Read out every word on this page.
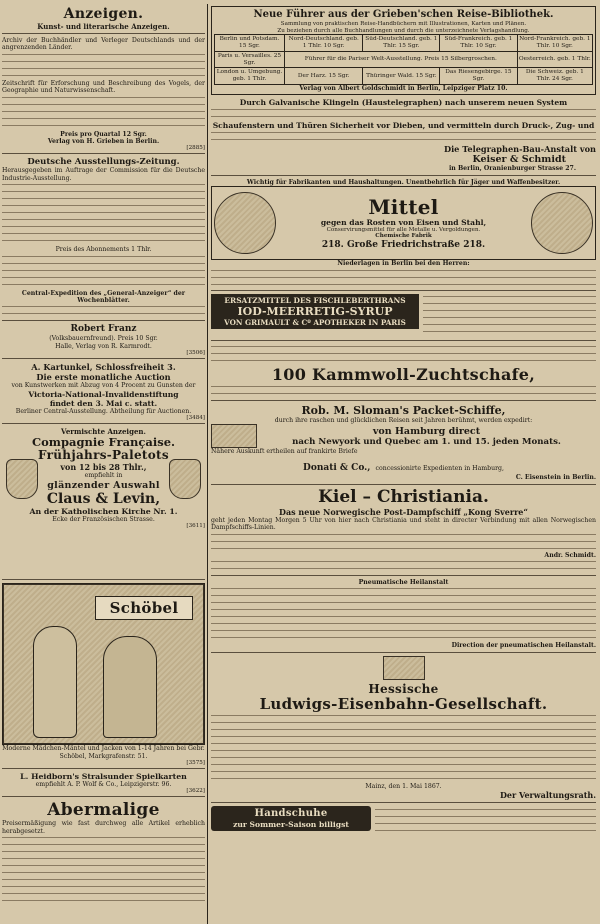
Anzeigen.
Kunst- und literarische Anzeigen.

Archiv der Buchhändler und Verleger Deutschlands und der angrenzenden Länder.

Zeitschrift für Erforschung und Beschreibung des Vogels, der Geographie und Naturwissenschaft.

Preis pro Quartal 12 Sgr.

Verlag von H. Grieben in Berlin.

[2885]
Deutsche Ausstellungs-Zeitung.

Herausgegeben im Auftrage der Commission für die Deutsche Industrie-Ausstellung.

Preis des Abonnements 1 Thlr.

Central-Expedition des „General-Anzeiger“ der Wochenblätter.

Robert Franz

(Volksbauernfreund). Preis 10 Sgr.

Halle, Verlag von R. Karmrodt.

[3506]
A. Kartunkel, Schlossfreiheit 3.
Die erste monatliche Auction

von Kunstwerken mit Abzug von 4 Procent zu Gunsten der

Victoria-National-Invalidenstiftung
findet den 3. Mai c. statt.

Berliner Central-Ausstellung. Abtheilung für Auctionen.

[3484]
Vermischte Anzeigen.
Compagnie Française.
Frühjahrs-Paletots
von 12 bis 28 Thlr.,
empfiehlt in
glänzender Auswahl
Claus & Levin,
An der Katholischen Kirche Nr. 1.

Ecke der Französischen Strasse.

[3611]
Schöbel

Moderne Mädchen-Mäntel und Jacken von 1-14 Jahren bei Gebr. Schöbel, Markgrafenstr. 51.

[3575]
L. Heidborn's Stralsunder Spielkarten

empfiehlt A. P. Wolf & Co., Leipzigerstr. 96.

[3622]
Abermalige

Preisermäßigung wie fast durchweg alle Artikel erheblich herabgesetzt.

Neue Führer aus der Grieben'schen Reise-Bibliothek.

Sammlung von praktischen Reise-Handbüchern mit Illustrationen, Karten und Plänen.

Zu beziehen durch alle Buchhandlungen und durch die unterzeichnete Verlagshandlung.

Berlin und Potsdam. 15 Sgr.	Nord-Deutschland. geb. 1 Thlr. 10 Sgr.	Süd-Deutschland. geb. 1 Thlr. 15 Sgr.	Süd-Frankreich. geb. 1 Thlr. 10 Sgr.	Nord-Frankreich. geb. 1 Thlr. 10 Sgr.
Paris u. Versailles. 25 Sgr.	Führer für die Pariser Welt-Ausstellung. Preis 15 Silbergroschen.			Oesterreich. geb. 1 Thlr.
London u. Umgebung. geb. 1 Thlr.	Der Harz. 15 Sgr.	Thüringer Wald. 15 Sgr.	Das Riesengebirge. 15 Sgr.	Die Schweiz. geb. 1 Thlr. 24 Sgr.

Verlag von Albert Goldschmidt in Berlin, Leipziger Platz 10.

Durch Galvanische Klingeln (Haustelegraphen) nach unserem neuen System
Schaufenstern und Thüren Sicherheit vor Dieben, und vermitteln durch Druck-, Zug- und
Die Telegraphen-Bau-Anstalt von
Keiser & Schmidt

in Berlin, Oranienburger Strasse 27.

Wichtig für Fabrikanten und Haushaltungen. Unentbehrlich für Jäger und Waffenbesitzer.

Mittel
gegen das Rosten von Eisen und Stahl,

Conservirungsmittel für alle Metalle u. Vergoldungen.

Chemische Fabrik

218. Große Friedrichstraße 218.

Niederlagen in Berlin bei den Herren:

ERSATZMITTEL DES FISCHLEBERTHRANS
IOD-MEERRETIG-SYRUP
VON GRIMAULT & Cº APOTHEKER IN PARIS
100 Kammwoll-Zuchtschafe,
Rob. M. Sloman's Packet-Schiffe,

durch ihre raschen und glücklichen Reisen seit Jahren berühmt, werden expedirt:

von Hamburg direct
nach Newyork und Quebec am 1. und 15. jeden Monats.

Nähere Auskunft ertheilen auf frankirte Briefe

Donati & Co., concessionirte Expedienten in Hamburg,

C. Eisenstein in Berlin.

Kiel – Christiania.
Das neue Norwegische Post-Dampfschiff „Kong Sverre“

geht jeden Montag Morgen 5 Uhr von hier nach Christiania und steht in directer Verbindung mit allen Norwegischen Dampfschiffs-Linien.

Andr. Schmidt.

Pneumatische Heilanstalt

Direction der pneumatischen Heilanstalt.

Hessische
Ludwigs-Eisenbahn-Gesellschaft.

Mainz, den 1. Mai 1867.

Der Verwaltungsrath.

Handschuhe
zur Sommer-Saison billigst
